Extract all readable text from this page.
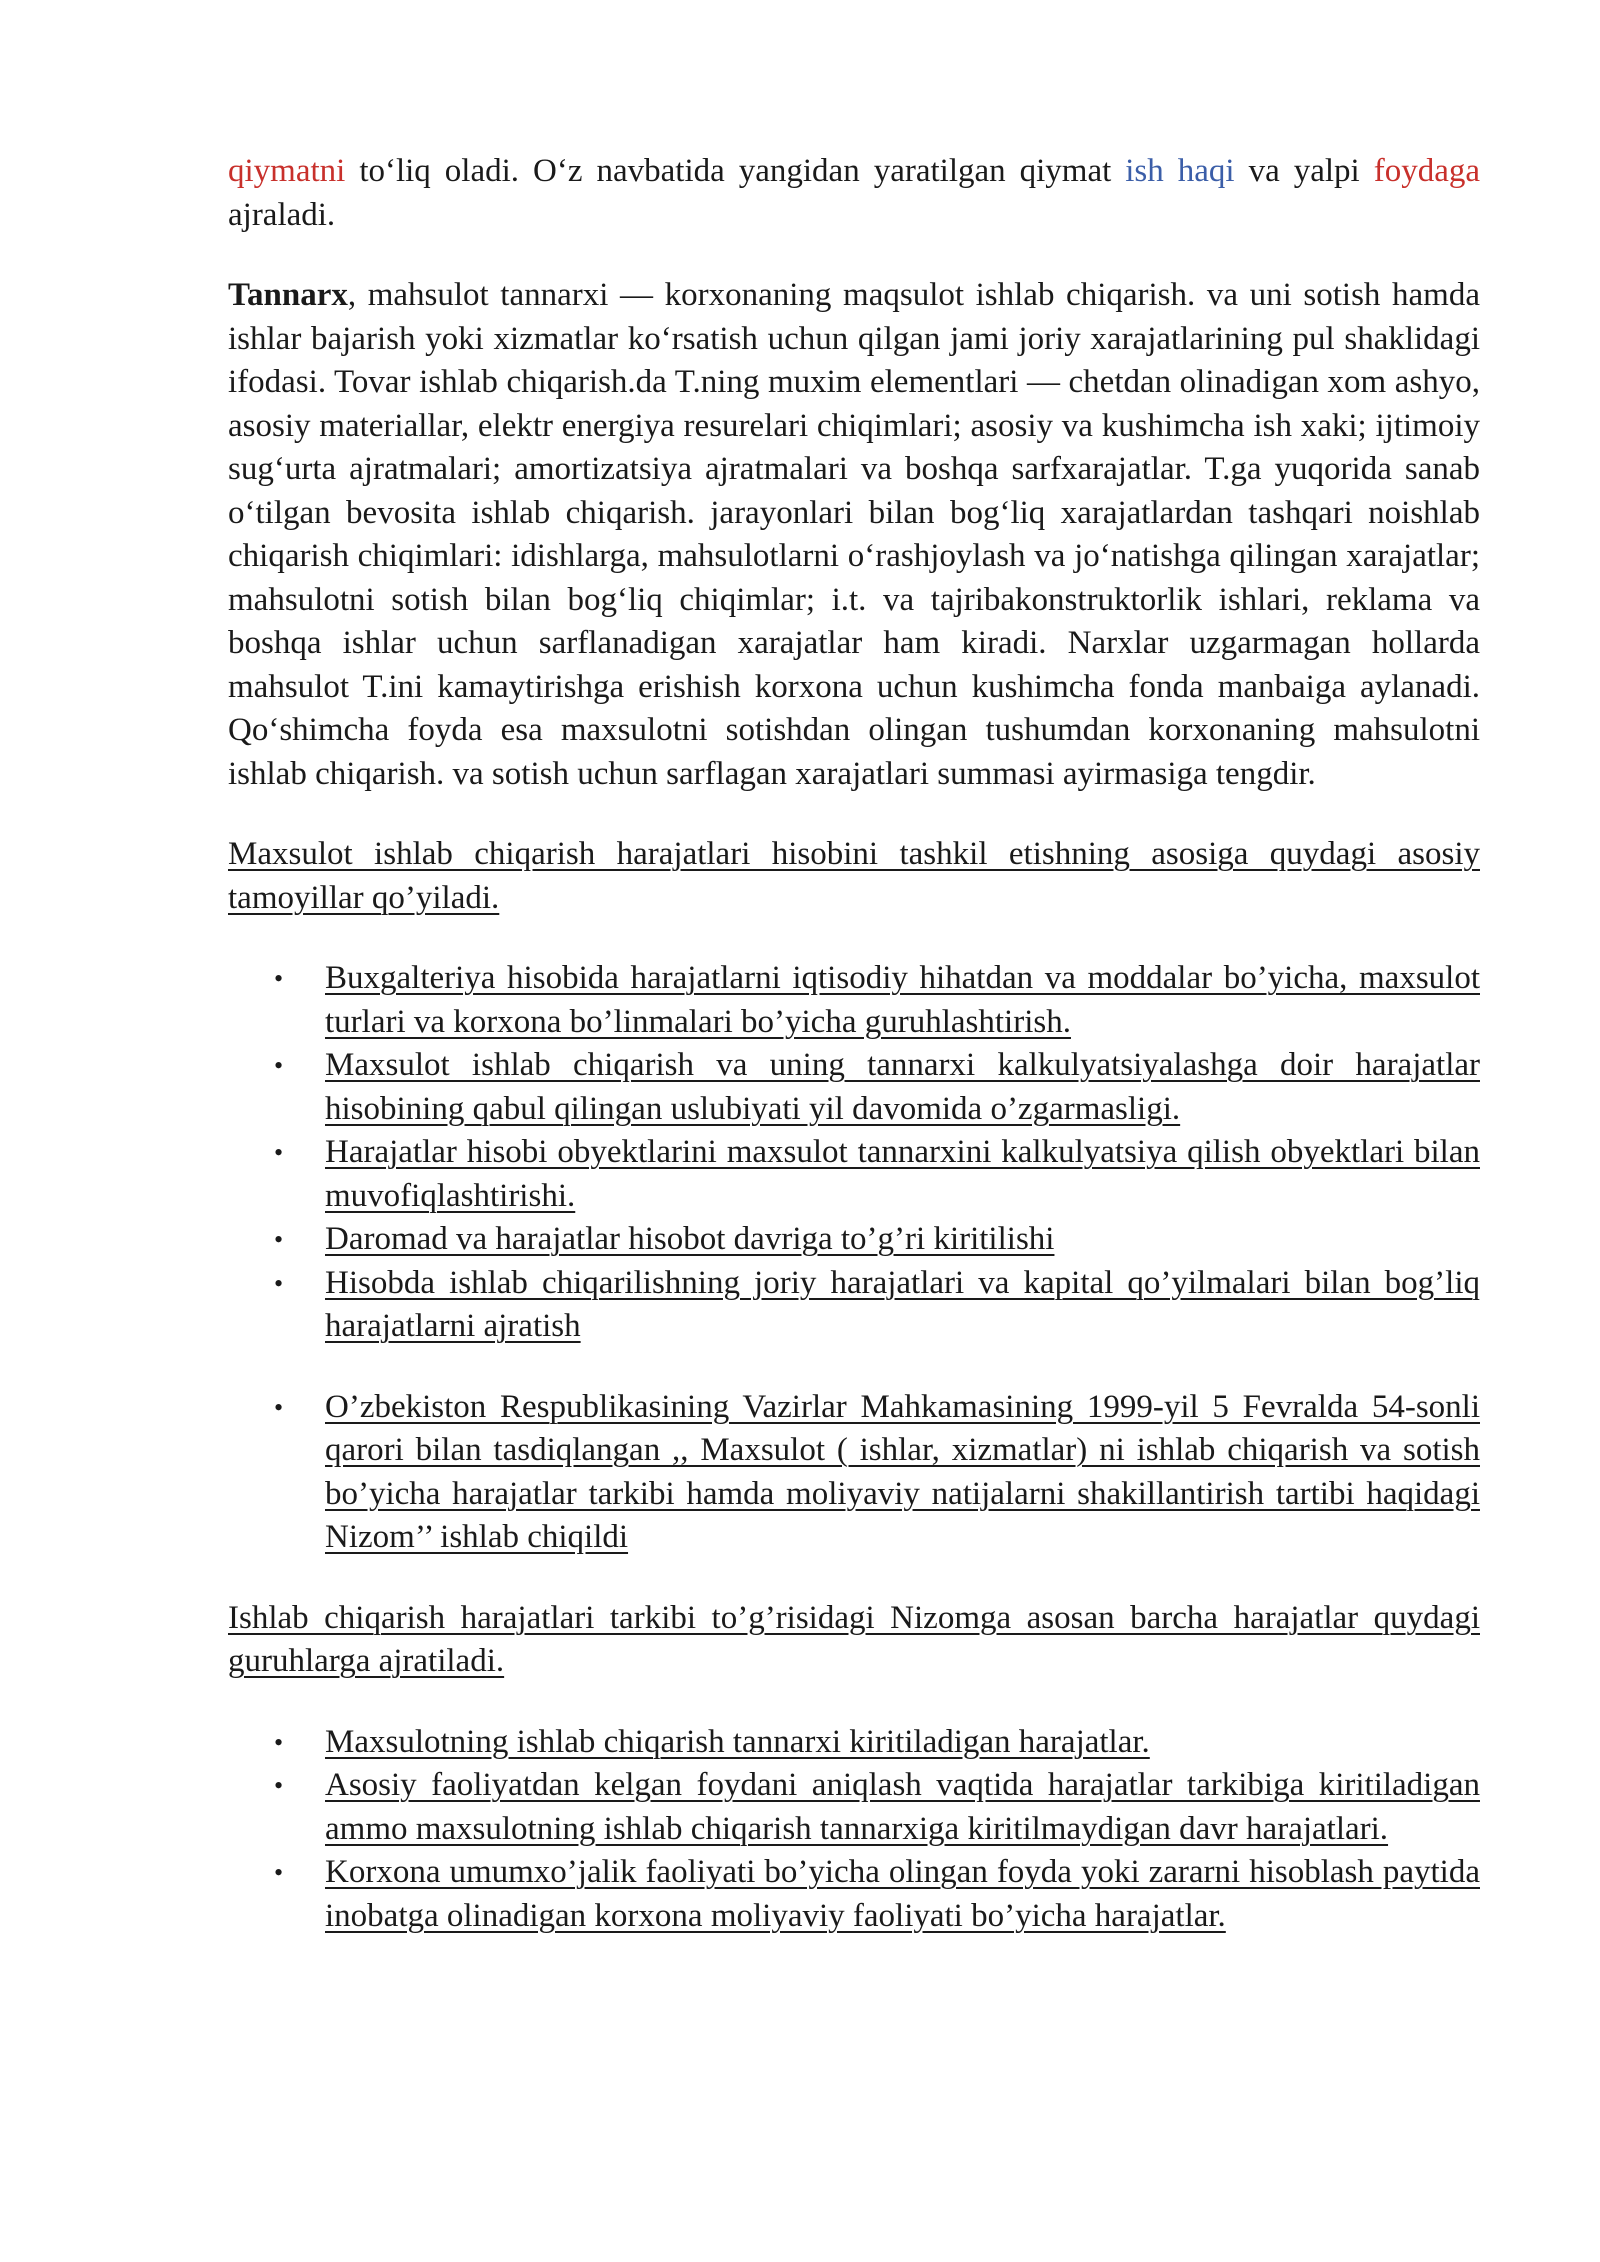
qiymatni to‘liq oladi. O‘z navbatida yangidan yaratilgan qiymat ish haqi va yalpi foydaga ajraladi.

Tannarx, mahsulot tannarxi — korxonaning maqsulot ishlab chiqarish. va uni sotish hamda ishlar bajarish yoki xizmatlar ko‘rsatish uchun qilgan jami joriy xarajatlarining pul shaklidagi ifodasi. Tovar ishlab chiqarish.da T.ning muxim elementlari — chetdan olinadigan xom ashyo, asosiy materiallar, elektr energiya resurelari chiqimlari; asosiy va kushimcha ish xaki; ijtimoiy sug‘urta ajratmalari; amortizatsiya ajratmalari va boshqa sarfxarajatlar. T.ga yuqorida sanab o‘tilgan bevosita ishlab chiqarish. jarayonlari bilan bog‘liq xarajatlardan tashqari noishlab chiqarish chiqimlari: idishlarga, mahsulotlarni o‘rashjoylash va jo‘natishga qilingan xarajatlar; mahsulotni sotish bilan bog‘liq chiqimlar; i.t. va tajribakonstruktorlik ishlari, reklama va boshqa ishlar uchun sarflanadigan xarajatlar ham kiradi. Narxlar uzgarmagan hollarda mahsulot T.ini kamaytirishga erishish korxona uchun kushimcha fonda manbaiga aylanadi. Qo‘shimcha foyda esa maxsulotni sotishdan olingan tushumdan korxonaning mahsulotni ishlab chiqarish. va sotish uchun sarflagan xarajatlari summasi ayirmasiga tengdir.

Maxsulot ishlab chiqarish harajatlari hisobini tashkil etishning asosiga quydagi asosiy tamoyillar qo’yiladi.

• Buxgalteriya hisobida harajatlarni iqtisodiy hihatdan va moddalar bo’yicha, maxsulot turlari va korxona bo’linmalari bo’yicha guruhlashtirish.
• Maxsulot ishlab chiqarish va uning tannarxi kalkulyatsiyalashga doir harajatlar hisobining qabul qilingan uslubiyati yil davomida o’zgarmasligi.
• Harajatlar hisobi obyektlarini maxsulot tannarxini kalkulyatsiya qilish obyektlari bilan muvofiqlashtirishi.
• Daromad va harajatlar hisobot davriga to’g’ri kiritilishi
• Hisobda ishlab chiqarilishning joriy harajatlari va kapital qo’yilmalari bilan bog’liq harajatlarni ajratish
• O’zbekiston Respublikasining Vazirlar Mahkamasining 1999-yil 5 Fevralda 54-sonli qarori bilan tasdiqlangan ,, Maxsulot ( ishlar, xizmatlar) ni ishlab chiqarish va sotish bo’yicha harajatlar tarkibi hamda moliyaviy natijalarni shakillantirish tartibi haqidagi Nizom’’ ishlab chiqildi

Ishlab chiqarish harajatlari tarkibi to’g’risidagi Nizomga asosan barcha harajatlar quydagi guruhlarga ajratiladi.

• Maxsulotning ishlab chiqarish tannarxi kiritiladigan harajatlar.
• Asosiy faoliyatdan kelgan foydani aniqlash vaqtida harajatlar tarkibiga kiritiladigan ammo maxsulotning ishlab chiqarish tannarxiga kiritilmaydigan davr harajatlari.
• Korxona umumxo’jalik faoliyati bo’yicha olingan foyda yoki zararni hisoblash paytida inobatga olinadigan korxona moliyaviy faoliyati bo’yicha harajatlar.
